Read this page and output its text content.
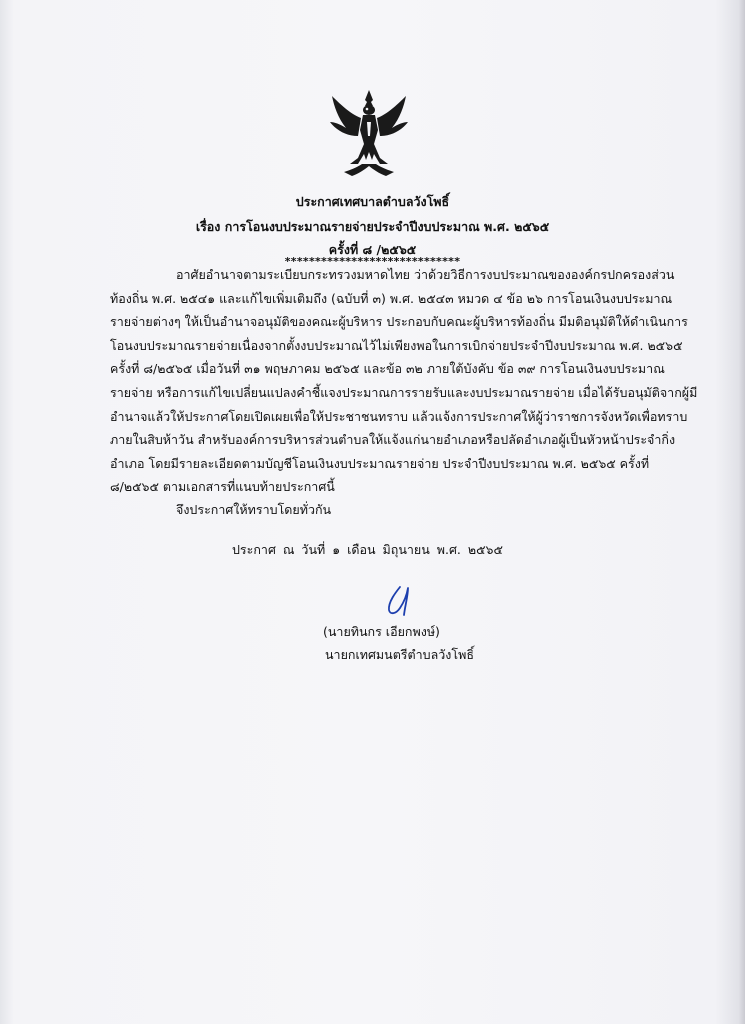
ประกาศเทศบาลตำบลวังโพธิ์
เรื่อง การโอนงบประมาณรายจ่ายประจำปีงบประมาณ พ.ศ. ๒๕๖๕
ครั้งที่ ๘ /๒๕๖๕
*****************************
อาศัยอำนาจตามระเบียบกระทรวงมหาดไทย ว่าด้วยวิธีการงบประมาณขององค์กรปกครองส่วน
ท้องถิ่น พ.ศ. ๒๕๔๑ และแก้ไขเพิ่มเติมถึง (ฉบับที่ ๓) พ.ศ. ๒๕๔๓ หมวด ๔ ข้อ ๒๖ การโอนเงินงบประมาณ
รายจ่ายต่างๆ ให้เป็นอำนาจอนุมัติของคณะผู้บริหาร ประกอบกับคณะผู้บริหารท้องถิ่น มีมติอนุมัติให้ดำเนินการ
โอนงบประมาณรายจ่ายเนื่องจากตั้งงบประมาณไว้ไม่เพียงพอในการเบิกจ่ายประจำปีงบประมาณ พ.ศ. ๒๕๖๕
ครั้งที่ ๘/๒๕๖๕ เมื่อวันที่ ๓๑ พฤษภาคม ๒๕๖๕ และข้อ ๓๒ ภายใต้บังคับ ข้อ ๓๙ การโอนเงินงบประมาณ
รายจ่าย หรือการแก้ไขเปลี่ยนแปลงคำชี้แจงประมาณการรายรับและงบประมาณรายจ่าย เมื่อได้รับอนุมัติจากผู้มี
อำนาจแล้วให้ประกาศโดยเปิดเผยเพื่อให้ประชาชนทราบ แล้วแจ้งการประกาศให้ผู้ว่าราชการจังหวัดเพื่อทราบ
ภายในสิบห้าวัน สำหรับองค์การบริหารส่วนตำบลให้แจ้งแก่นายอำเภอหรือปลัดอำเภอผู้เป็นหัวหน้าประจำกิ่ง
อำเภอ โดยมีรายละเอียดตามบัญชีโอนเงินงบประมาณรายจ่าย ประจำปีงบประมาณ พ.ศ. ๒๕๖๕ ครั้งที่
๘/๒๕๖๕ ตามเอกสารที่แนบท้ายประกาศนี้
จึงประกาศให้ทราบโดยทั่วกัน
ประกาศ ณ วันที่ ๑ เดือน มิถุนายน พ.ศ. ๒๕๖๕
(นายทินกร เอียกพงษ์)
นายกเทศมนตรีตำบลวังโพธิ์
